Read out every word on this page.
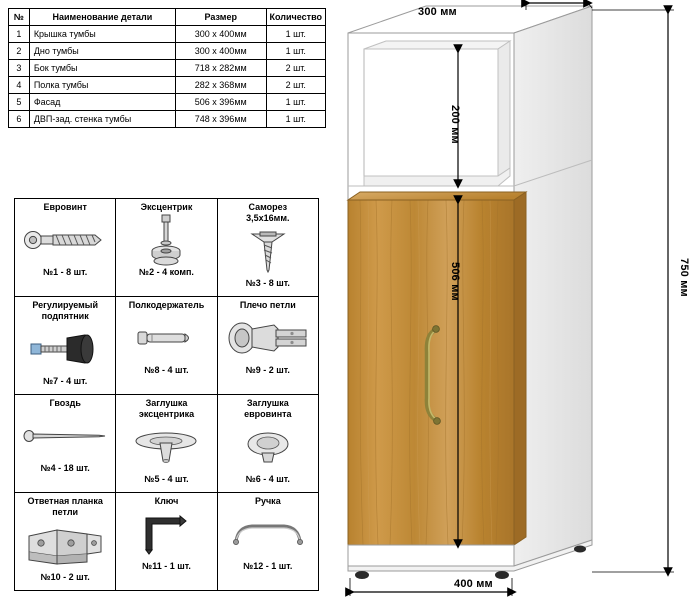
№	Наименование детали	Размер	Количество
1	Крышка тумбы	300 х 400мм	1 шт.
2	Дно тумбы	300 х 400мм	1 шт.
3	Бок тумбы	718 х 282мм	2 шт.
4	Полка тумбы	282 х 368мм	2 шт.
5	Фасад	506 х 396мм	1 шт.
6	ДВП-зад. стенка тумбы	748 х 396мм	1 шт.
Евровинт
№1 - 8 шт.

Эксцентрик
№2 - 4 комп.

Саморез
3,5х16мм.
№3 - 8 шт.

Регулируемый
подпятник
№7 - 4 шт.

Полкодержатель
№8 - 4 шт.

Плечо петли
№9 - 2 шт.

Гвоздь
№4 - 18 шт.

Заглушка
эксцентрика
№5 - 4 шт.

Заглушка
евровинта
№6 - 4 шт.

Ответная планка
петли
№10 - 2 шт.

Ключ
№11 - 1 шт.

Ручка
№12 - 1 шт.
300 мм
400 мм
750 мм
200 мм
506 мм
